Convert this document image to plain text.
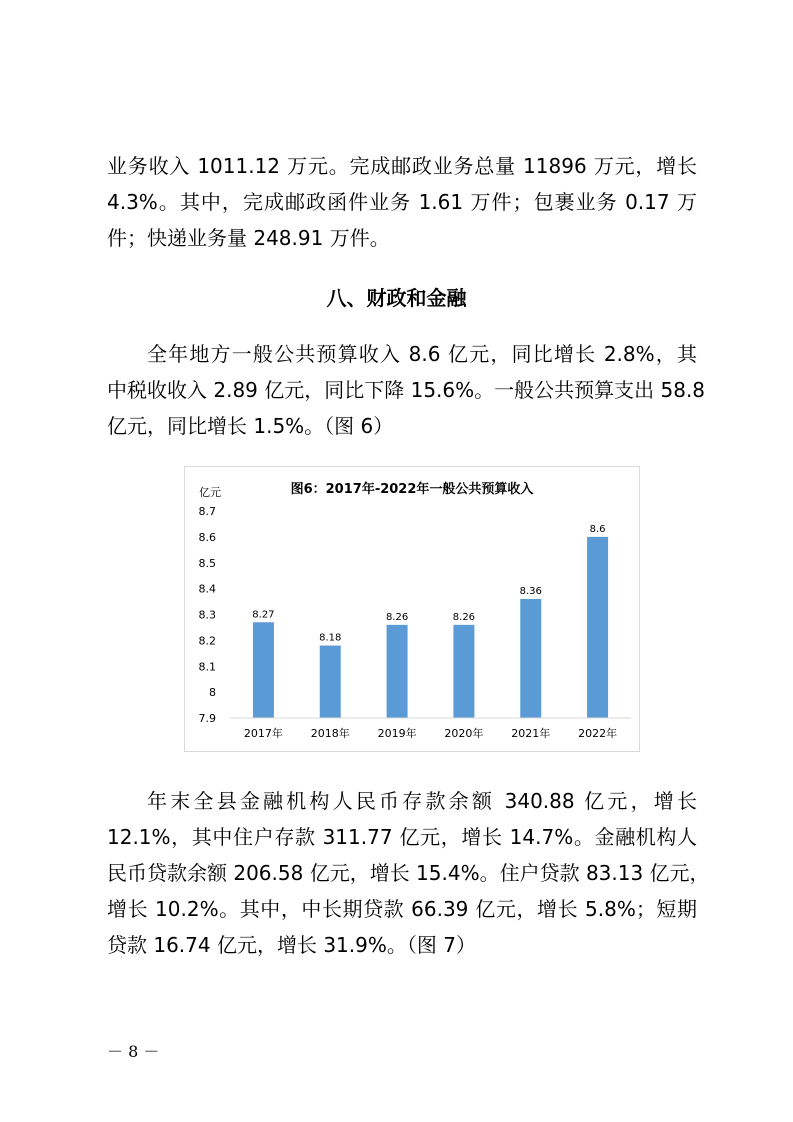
业务收入 1011.12 万元。完成邮政业务总量 11896 万元，增长
4.3%。其中，完成邮政函件业务 1.61 万件；包裹业务 0.17 万
件；快递业务量 248.91 万件。
八、财政和金融
全年地方一般公共预算收入 8.6 亿元，同比增长 2.8%，其
中税收收入 2.89 亿元，同比下降 15.6%。一般公共预算支出 58.8
亿元，同比增长 1.5%。（图 6）
图6：2017年-2022年一般公共预算收入
亿元
7.9
8
8.1
8.2
8.3
8.4
8.5
8.6
8.7
8.27
8.18
8.26	8.26
8.36
8.6
2017年	2018年	2019年	2020年	2021年	2022年
年末全县金融机构人民币存款余额 340.88 亿元，增长
12.1%，其中住户存款 311.77 亿元，增长 14.7%。金融机构人
民币贷款余额 206.58 亿元，增长 15.4%。住户贷款 83.13 亿元，
增长 10.2%。其中，中长期贷款 66.39 亿元，增长 5.8%；短期
贷款 16.74 亿元，增长 31.9%。（图 7）
－ 8 －
